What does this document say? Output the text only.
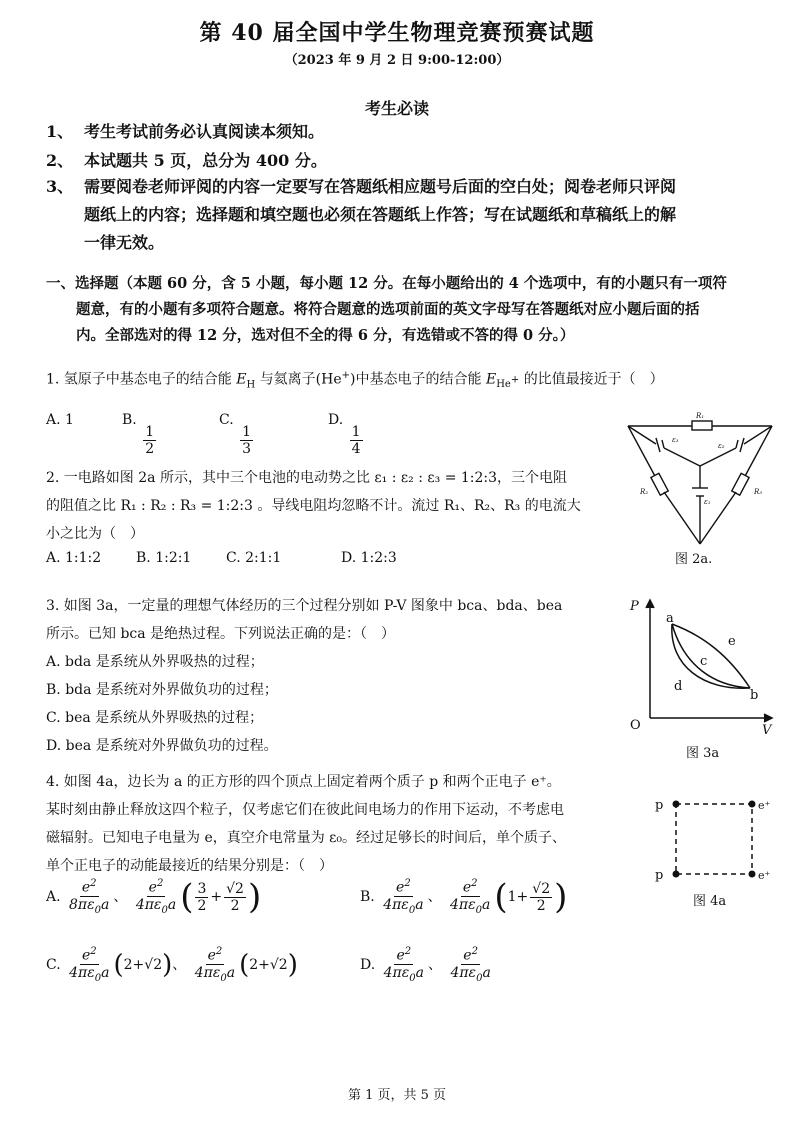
第 40 届全国中学生物理竞赛预赛试题
（2023 年 9 月 2 日 9:00-12:00）
考生必读
1、 考生考试前务必认真阅读本须知。
2、 本试题共 5 页，总分为 400 分。
3、 需要阅卷老师评阅的内容一定要写在答题纸相应题号后面的空白处；阅卷老师只评阅
题纸上的内容；选择题和填空题也必须在答题纸上作答；写在试题纸和草稿纸上的解
一律无效。
一、选择题（本题 60 分，含 5 小题，每小题 12 分。在每小题给出的 4 个选项中，有的小题只有一项符
题意，有的小题有多项符合题意。将符合题意的选项前面的英文字母写在答题纸对应小题后面的括
内。全部选对的得 12 分，选对但不全的得 6 分，有选错或不答的得 0 分。）
1. 氢原子中基态电子的结合能 $E_H$ 与氦离子(He+)中基态电子的结合能 $E_{He^+}$ 的比值最接近于（　）
A. 1	B.
$\frac{1}{2}$
C.
$\frac{1}{3}$
D.
$\frac{1}{4}$
2. 一电路如图 2a 所示，其中三个电池的电动势之比 ε₁ : ε₂ : ε₃ = 1:2:3，三个电阻
的阻值之比 R₁ : R₂ : R₃ = 1:2:3 。导线电阻均忽略不计。流过 R₁、R₂、R₃ 的电流大
小之比为（　）
A. 1:1:2 B. 1:2:1 C. 2:1:1	D. 1:2:3
R₁
R₂	R₃
ε₁
ε₂
ε₃
图 2a.
3. 如图 3a，一定量的理想气体经历的三个过程分别如 P-V 图象中 bca、bda、bea
所示。已知 bca 是绝热过程。下列说法正确的是：（　）
A. bda 是系统从外界吸热的过程；
B. bda 是系统对外界做负功的过程；
C. bea 是系统从外界吸热的过程；
D. bea 是系统对外界做负功的过程。
P
V
O
a
b
c
d
e
图 3a
4. 如图 4a，边长为 a 的正方形的四个顶点上固定着两个质子 p 和两个正电子 e⁺。
某时刻由静止释放这四个粒子，仅考虑它们在彼此间电场力的作用下运动，不考虑电
磁辐射。已知电子电量为 e，真空介电常量为 ε₀。经过足够长的时间后，单个质子、
单个正电子的动能最接近的结果分别是：（　）
A. $\frac{e^2}{8\pi\varepsilon_0a}$ 、 $\frac{e^2}{4\pi\varepsilon_0a}$ ( $\frac{3}{2} + \frac{√2}{2}$ )	B. $\frac{e^2}{4\pi\varepsilon_0a}$ 、 $\frac{e^2}{4\pi\varepsilon_0a} (1+ \frac{√2}{2}$ )
C. $\frac{e^2}{4\pi\varepsilon_0a} (2+√2)$、 $\frac{e^2}{4\pi\varepsilon_0a} (2+√2)$	D. $\frac{e^2}{4\pi\varepsilon_0a}$ 、 $\frac{e^2}{4\pi\varepsilon_0a}$
p
p
e⁺
e⁺
图 4a
第 1 页，共 5 页
